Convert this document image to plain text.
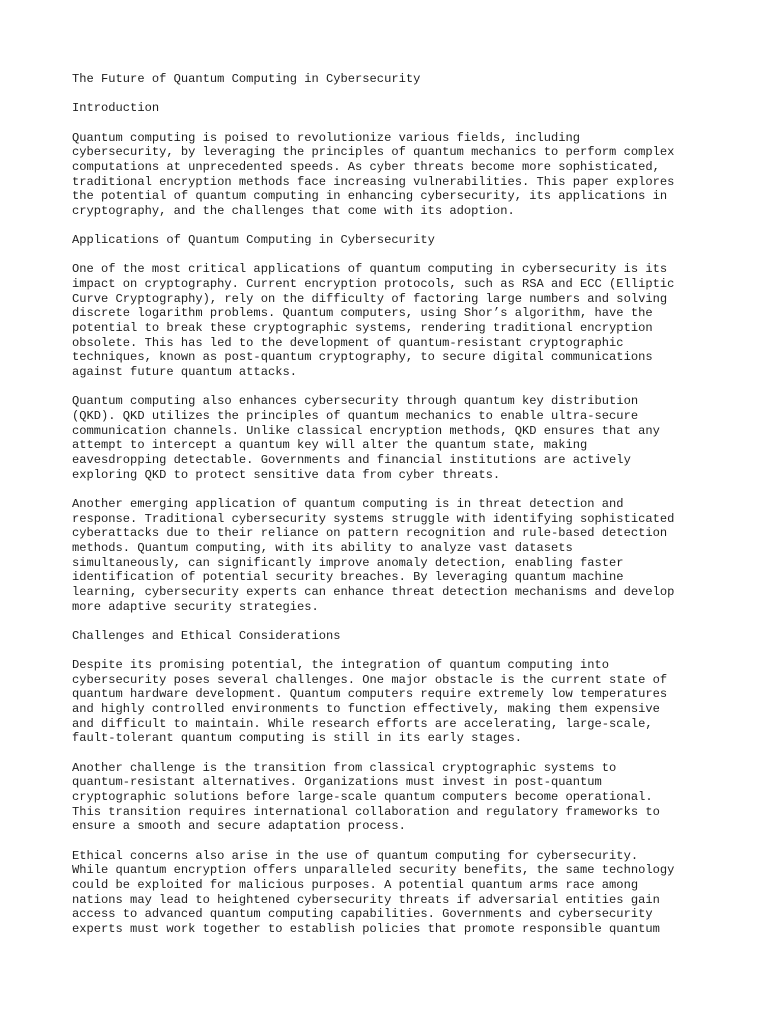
The Future of Quantum Computing in Cybersecurity
Introduction
Quantum computing is poised to revolutionize various fields, including
cybersecurity, by leveraging the principles of quantum mechanics to perform complex
computations at unprecedented speeds. As cyber threats become more sophisticated,
traditional encryption methods face increasing vulnerabilities. This paper explores
the potential of quantum computing in enhancing cybersecurity, its applications in
cryptography, and the challenges that come with its adoption.
Applications of Quantum Computing in Cybersecurity
One of the most critical applications of quantum computing in cybersecurity is its
impact on cryptography. Current encryption protocols, such as RSA and ECC (Elliptic
Curve Cryptography), rely on the difficulty of factoring large numbers and solving
discrete logarithm problems. Quantum computers, using Shor’s algorithm, have the
potential to break these cryptographic systems, rendering traditional encryption
obsolete. This has led to the development of quantum-resistant cryptographic
techniques, known as post-quantum cryptography, to secure digital communications
against future quantum attacks.
Quantum computing also enhances cybersecurity through quantum key distribution
(QKD). QKD utilizes the principles of quantum mechanics to enable ultra-secure
communication channels. Unlike classical encryption methods, QKD ensures that any
attempt to intercept a quantum key will alter the quantum state, making
eavesdropping detectable. Governments and financial institutions are actively
exploring QKD to protect sensitive data from cyber threats.
Another emerging application of quantum computing is in threat detection and
response. Traditional cybersecurity systems struggle with identifying sophisticated
cyberattacks due to their reliance on pattern recognition and rule-based detection
methods. Quantum computing, with its ability to analyze vast datasets
simultaneously, can significantly improve anomaly detection, enabling faster
identification of potential security breaches. By leveraging quantum machine
learning, cybersecurity experts can enhance threat detection mechanisms and develop
more adaptive security strategies.
Challenges and Ethical Considerations
Despite its promising potential, the integration of quantum computing into
cybersecurity poses several challenges. One major obstacle is the current state of
quantum hardware development. Quantum computers require extremely low temperatures
and highly controlled environments to function effectively, making them expensive
and difficult to maintain. While research efforts are accelerating, large-scale,
fault-tolerant quantum computing is still in its early stages.
Another challenge is the transition from classical cryptographic systems to
quantum-resistant alternatives. Organizations must invest in post-quantum
cryptographic solutions before large-scale quantum computers become operational.
This transition requires international collaboration and regulatory frameworks to
ensure a smooth and secure adaptation process.
Ethical concerns also arise in the use of quantum computing for cybersecurity.
While quantum encryption offers unparalleled security benefits, the same technology
could be exploited for malicious purposes. A potential quantum arms race among
nations may lead to heightened cybersecurity threats if adversarial entities gain
access to advanced quantum computing capabilities. Governments and cybersecurity
experts must work together to establish policies that promote responsible quantum
